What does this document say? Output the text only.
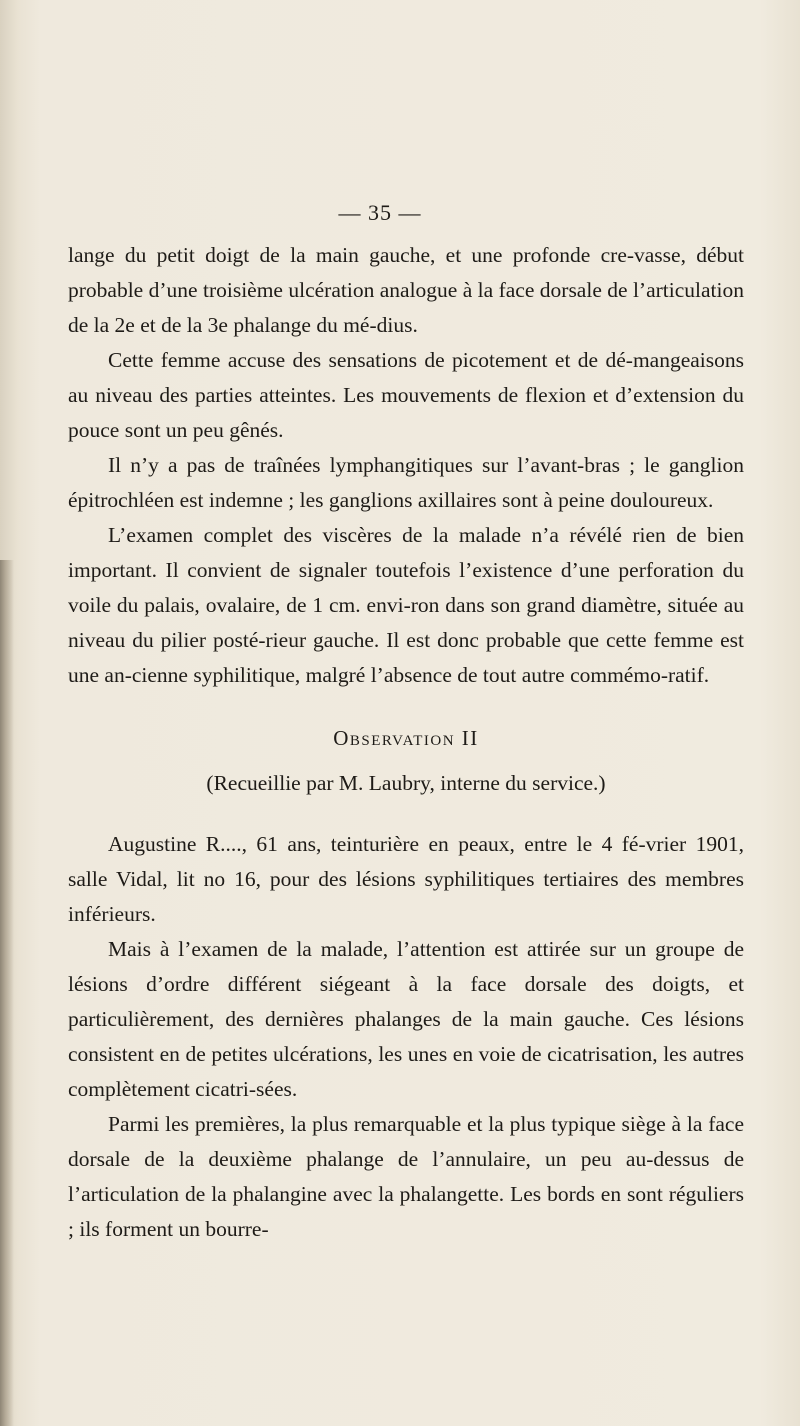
— 35 —

lange du petit doigt de la main gauche, et une profonde cre-vasse, début probable d’une troisième ulcération analogue à la face dorsale de l’articulation de la 2e et de la 3e phalange du mé-dius.

Cette femme accuse des sensations de picotement et de dé-mangeaisons au niveau des parties atteintes. Les mouvements de flexion et d’extension du pouce sont un peu gênés.

Il n’y a pas de traînées lymphangitiques sur l’avant-bras ; le ganglion épitrochléen est indemne ; les ganglions axillaires sont à peine douloureux.

L’examen complet des viscères de la malade n’a révélé rien de bien important. Il convient de signaler toutefois l’existence d’une perforation du voile du palais, ovalaire, de 1 cm. envi-ron dans son grand diamètre, située au niveau du pilier posté-rieur gauche. Il est donc probable que cette femme est une an-cienne syphilitique, malgré l’absence de tout autre commémo-ratif.

Observation II
(Recueillie par M. Laubry, interne du service.)

Augustine R...., 61 ans, teinturière en peaux, entre le 4 fé-vrier 1901, salle Vidal, lit no 16, pour des lésions syphilitiques tertiaires des membres inférieurs.

Mais à l’examen de la malade, l’attention est attirée sur un groupe de lésions d’ordre différent siégeant à la face dorsale des doigts, et particulièrement, des dernières phalanges de la main gauche. Ces lésions consistent en de petites ulcérations, les unes en voie de cicatrisation, les autres complètement cicatri-sées.

Parmi les premières, la plus remarquable et la plus typique siège à la face dorsale de la deuxième phalange de l’annulaire, un peu au-dessus de l’articulation de la phalangine avec la phalangette. Les bords en sont réguliers ; ils forment un bourre-
